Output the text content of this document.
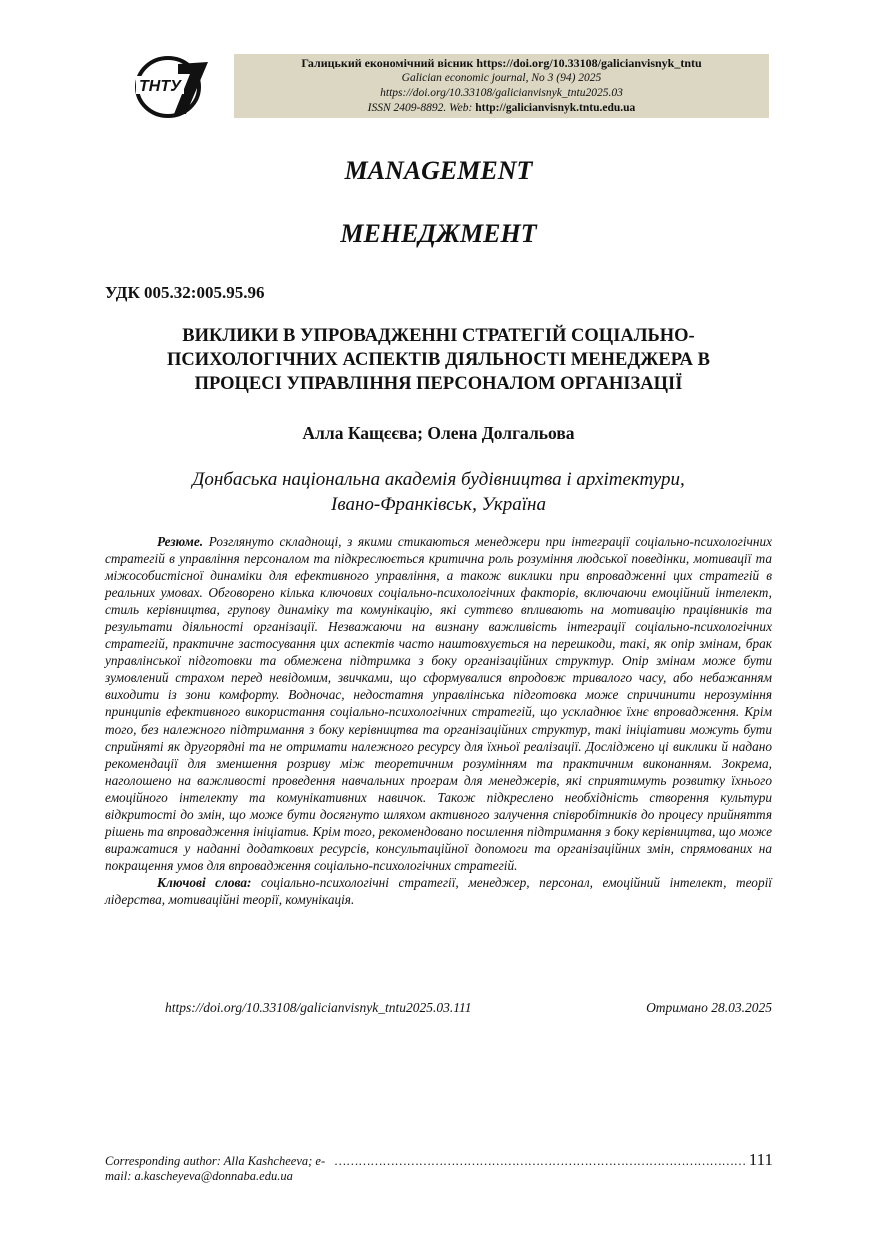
ТНТУ
Галицький економічний вісник https://doi.org/10.33108/galicianvisnyk_tntu
Galician economic journal, No 3 (94) 2025
https://doi.org/10.33108/galicianvisnyk_tntu2025.03
ISSN 2409-8892. Web: http://galicianvisnyk.tntu.edu.ua
MANAGEMENT
МЕНЕДЖМЕНТ
УДК 005.32:005.95.96
ВИКЛИКИ В УПРОВАДЖЕННІ СТРАТЕГІЙ СОЦІАЛЬНО-
ПСИХОЛОГІЧНИХ АСПЕКТІВ ДІЯЛЬНОСТІ МЕНЕДЖЕРА В
ПРОЦЕСІ УПРАВЛІННЯ ПЕРСОНАЛОМ ОРГАНІЗАЦІЇ
Алла Кащєєва; Олена Долгальова
Донбаська національна академія будівництва і архітектури,
Івано-Франківськ, Україна
Резюме. Розглянуто складнощі, з якими стикаються менеджери при інтеграції соціально-психологічних стратегій в управління персоналом та підкреслюється критична роль розуміння людської поведінки, мотивації та міжособистісної динаміки для ефективного управління, а також виклики при впровадженні цих стратегій в реальних умовах. Обговорено кілька ключових соціально-психологічних факторів, включаючи емоційний інтелект, стиль керівництва, групову динаміку та комунікацію, які суттєво впливають на мотивацію працівників та результати діяльності організації. Незважаючи на визнану важливість інтеграції соціально-психологічних стратегій, практичне застосування цих аспектів часто наштовхується на перешкоди, такі, як опір змінам, брак управлінської підготовки та обмежена підтримка з боку організаційних структур. Опір змінам може бути зумовлений страхом перед невідомим, звичками, що сформувалися впродовж тривалого часу, або небажанням виходити із зони комфорту. Водночас, недостатня управлінська підготовка може спричинити нерозуміння принципів ефективного використання соціально-психологічних стратегій, що ускладнює їхнє впровадження. Крім того, без належного підтримання з боку керівництва та організаційних структур, такі ініціативи можуть бути сприйняті як другорядні та не отримати належного ресурсу для їхньої реалізації. Досліджено ці виклики й надано рекомендації для зменшення розриву між теоретичним розумінням та практичним виконанням. Зокрема, наголошено на важливості проведення навчальних програм для менеджерів, які сприятимуть розвитку їхнього емоційного інтелекту та комунікативних навичок. Також підкреслено необхідність створення культури відкритості до змін, що може бути досягнуто шляхом активного залучення співробітників до процесу прийняття рішень та впровадження ініціатив. Крім того, рекомендовано посилення підтримання з боку керівництва, що може виражатися у наданні додаткових ресурсів, консультаційної допомоги та організаційних змін, спрямованих на покращення умов для впровадження соціально-психологічних стратегій.
Ключові слова: соціально-психологічні стратегії, менеджер, персонал, емоційний інтелект, теорії лідерства, мотиваційні теорії, комунікація.
https://doi.org/10.33108/galicianvisnyk_tntu2025.03.111	Отримано 28.03.2025
Corresponding author: Alla Kashcheeva; e-mail: a.kascheyeva@donnaba.edu.ua
………………………………………………………………………………………… 111
